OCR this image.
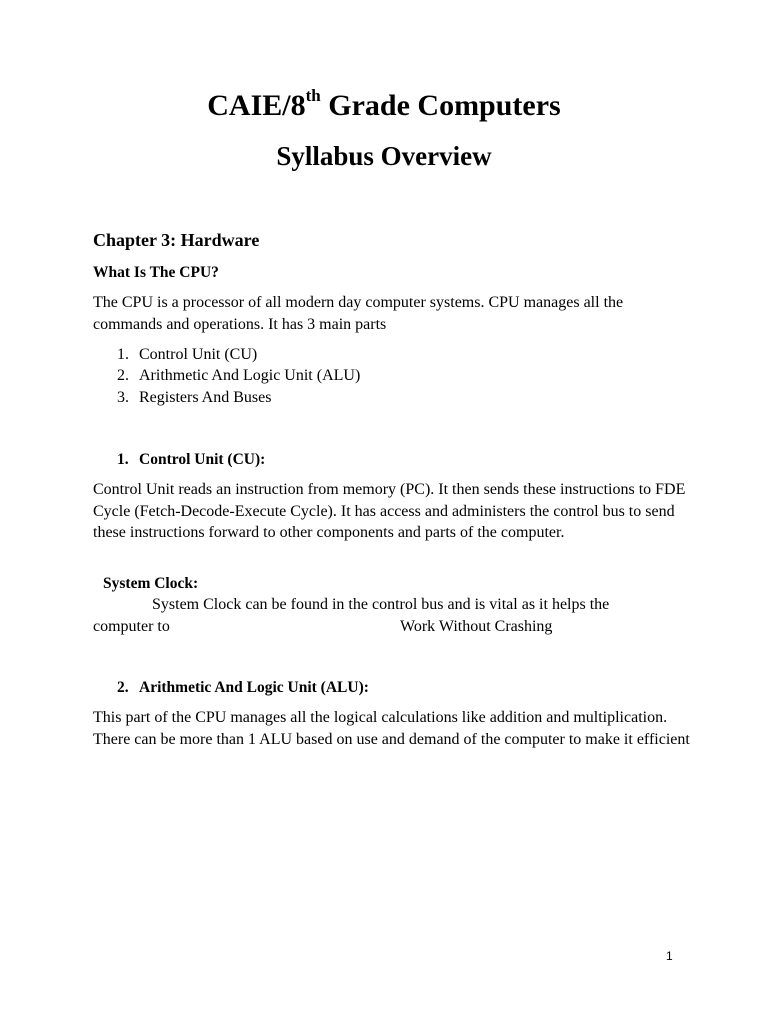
CAIE/8th Grade Computers
Syllabus Overview
Chapter 3: Hardware
What Is The CPU?
The CPU is a processor of all modern day computer systems. CPU manages all the commands and operations. It has 3 main parts
1. Control Unit (CU)
2. Arithmetic And Logic Unit (ALU)
3. Registers And Buses
1. Control Unit (CU):
Control Unit reads an instruction from memory (PC). It then sends these instructions to FDE Cycle (Fetch-Decode-Execute Cycle). It has access and administers the control bus to send these instructions forward to other components and parts of the computer.
System Clock:
System Clock can be found in the control bus and is vital as it helps the
computer to	Work Without Crashing
2. Arithmetic And Logic Unit (ALU):
This part of the CPU manages all the logical calculations like addition and multiplication. There can be more than 1 ALU based on use and demand of the computer to make it efficient
1
